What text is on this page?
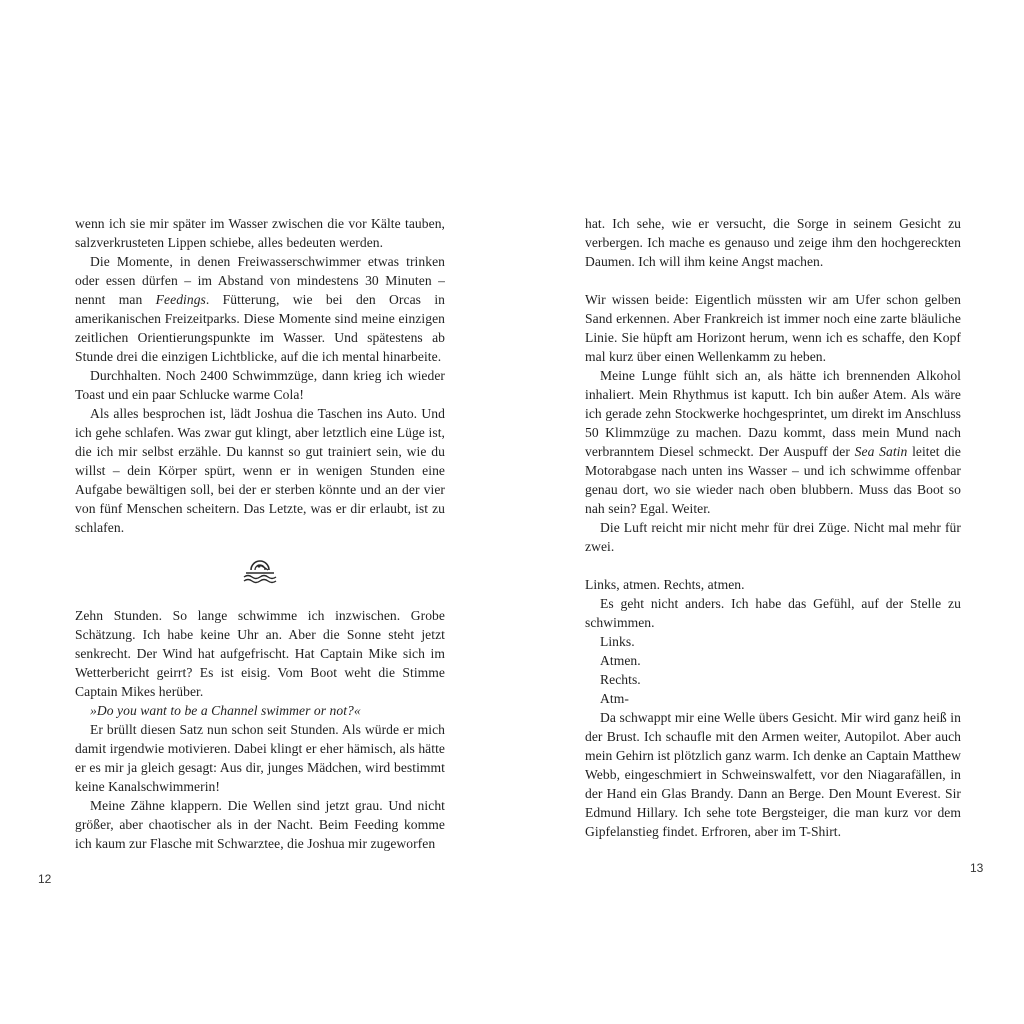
wenn ich sie mir später im Wasser zwischen die vor Kälte tauben, salzverkrusteten Lippen schiebe, alles bedeuten werden.

Die Momente, in denen Freiwasserschwimmer etwas trinken oder essen dürfen – im Abstand von mindestens 30 Minuten – nennt man Feedings. Fütterung, wie bei den Orcas in amerikanischen Freizeitparks. Diese Momente sind meine einzigen zeitlichen Orientierungspunkte im Wasser. Und spätestens ab Stunde drei die einzigen Lichtblicke, auf die ich mental hinarbeite.

Durchhalten. Noch 2400 Schwimmzüge, dann krieg ich wieder Toast und ein paar Schlucke warme Cola!

Als alles besprochen ist, lädt Joshua die Taschen ins Auto. Und ich gehe schlafen. Was zwar gut klingt, aber letztlich eine Lüge ist, die ich mir selbst erzähle. Du kannst so gut trainiert sein, wie du willst – dein Körper spürt, wenn er in wenigen Stunden eine Aufgabe bewältigen soll, bei der er sterben könnte und an der vier von fünf Menschen scheitern. Das Letzte, was er dir erlaubt, ist zu schlafen.

Zehn Stunden. So lange schwimme ich inzwischen. Grobe Schätzung. Ich habe keine Uhr an. Aber die Sonne steht jetzt senkrecht. Der Wind hat aufgefrischt. Hat Captain Mike sich im Wetterbericht geirrt? Es ist eisig. Vom Boot weht die Stimme Captain Mikes herüber.

»Do you want to be a Channel swimmer or not?«

Er brüllt diesen Satz nun schon seit Stunden. Als würde er mich damit irgendwie motivieren. Dabei klingt er eher hämisch, als hätte er es mir ja gleich gesagt: Aus dir, junges Mädchen, wird bestimmt keine Kanalschwimmerin!

Meine Zähne klappern. Die Wellen sind jetzt grau. Und nicht größer, aber chaotischer als in der Nacht. Beim Feeding komme ich kaum zur Flasche mit Schwarztee, die Joshua mir zugeworfen

12

hat. Ich sehe, wie er versucht, die Sorge in seinem Gesicht zu verbergen. Ich mache es genauso und zeige ihm den hochgereckten Daumen. Ich will ihm keine Angst machen.

Wir wissen beide: Eigentlich müssten wir am Ufer schon gelben Sand erkennen. Aber Frankreich ist immer noch eine zarte bläuliche Linie. Sie hüpft am Horizont herum, wenn ich es schaffe, den Kopf mal kurz über einen Wellenkamm zu heben.

Meine Lunge fühlt sich an, als hätte ich brennenden Alkohol inhaliert. Mein Rhythmus ist kaputt. Ich bin außer Atem. Als wäre ich gerade zehn Stockwerke hochgesprintet, um direkt im Anschluss 50 Klimmzüge zu machen. Dazu kommt, dass mein Mund nach verbranntem Diesel schmeckt. Der Auspuff der Sea Satin leitet die Motorabgase nach unten ins Wasser – und ich schwimme offenbar genau dort, wo sie wieder nach oben blubbern. Muss das Boot so nah sein? Egal. Weiter.

Die Luft reicht mir nicht mehr für drei Züge. Nicht mal mehr für zwei.

Links, atmen. Rechts, atmen.

Es geht nicht anders. Ich habe das Gefühl, auf der Stelle zu schwimmen.

Links.

Atmen.

Rechts.

Atm-

Da schwappt mir eine Welle übers Gesicht. Mir wird ganz heiß in der Brust. Ich schaufle mit den Armen weiter, Autopilot. Aber auch mein Gehirn ist plötzlich ganz warm. Ich denke an Captain Matthew Webb, eingeschmiert in Schweinswalfett, vor den Niagarafällen, in der Hand ein Glas Brandy. Dann an Berge. Den Mount Everest. Sir Edmund Hillary. Ich sehe tote Bergsteiger, die man kurz vor dem Gipfelanstieg findet. Erfroren, aber im T-Shirt.

13
